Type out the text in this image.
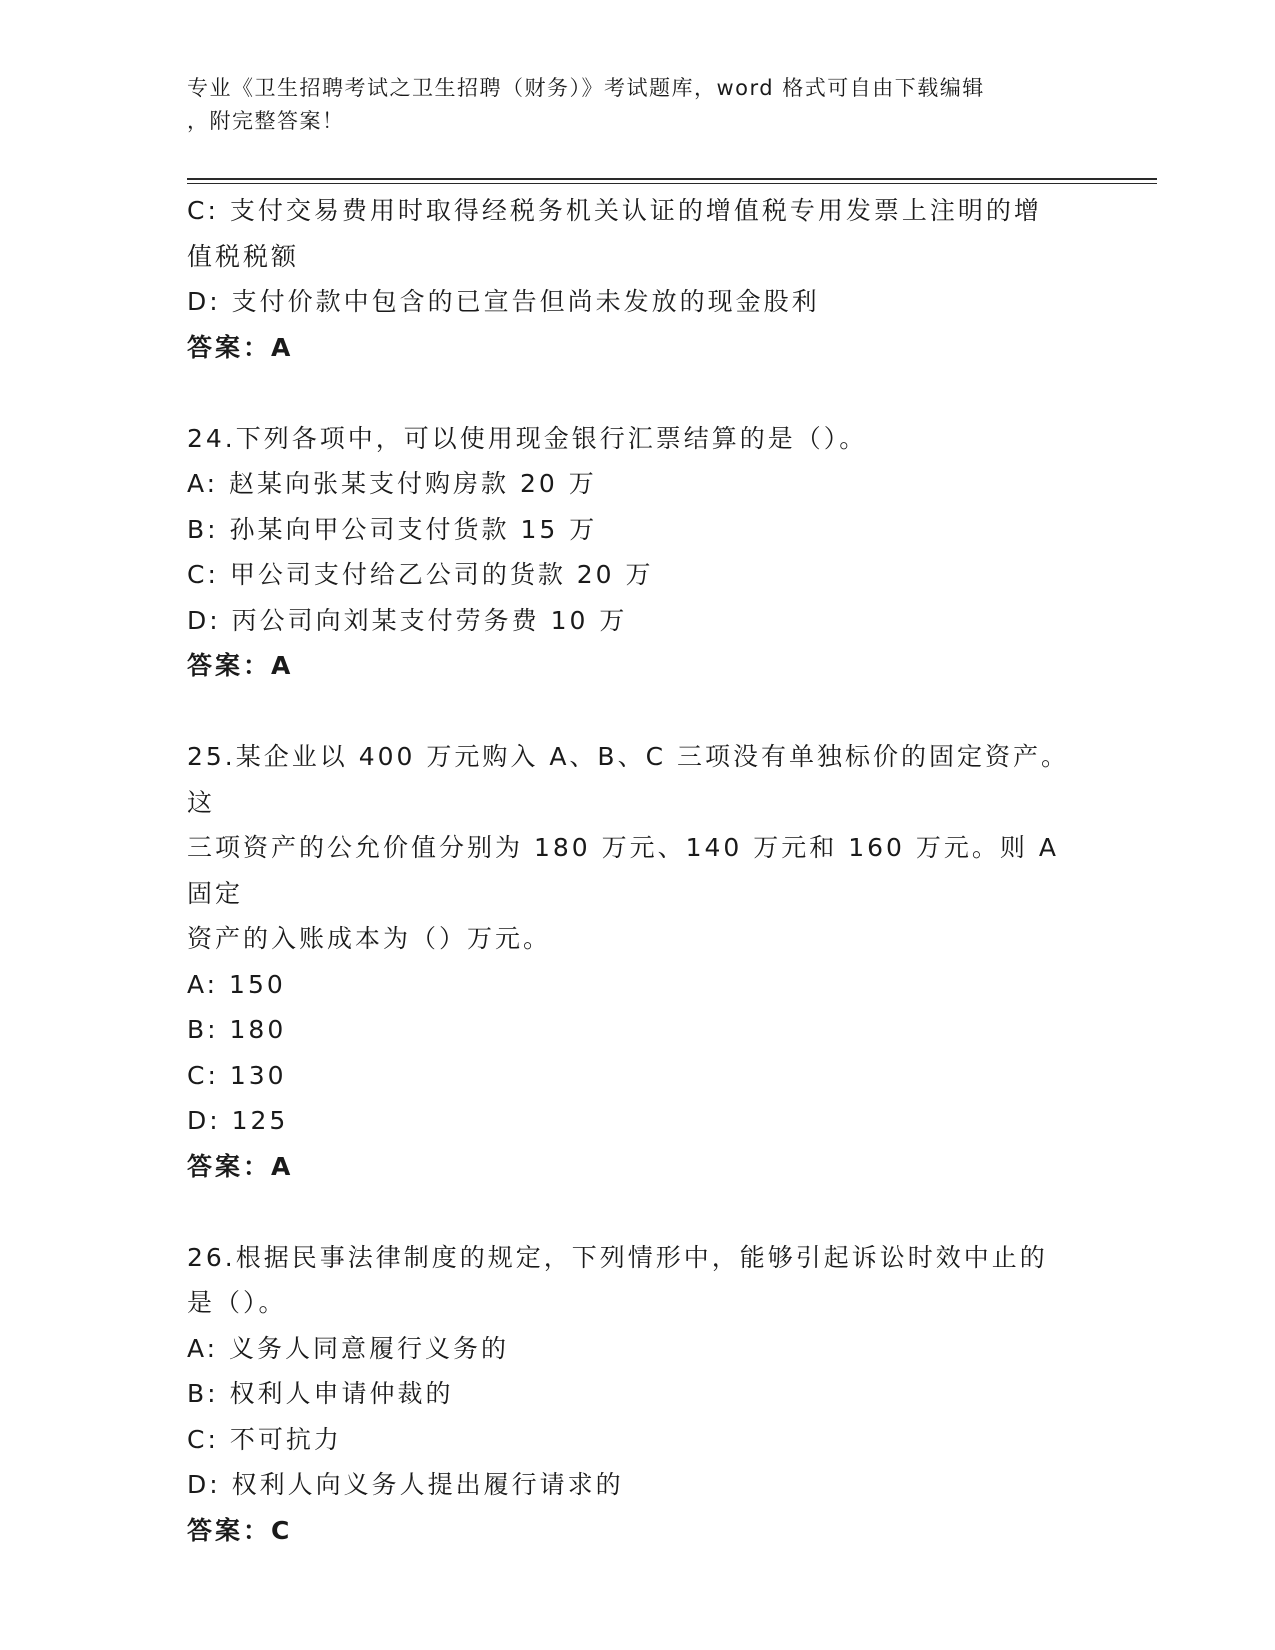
专业《卫生招聘考试之卫生招聘（财务）》考试题库，word 格式可自由下载编辑
，附完整答案！

C: 支付交易费用时取得经税务机关认证的增值税专用发票上注明的增
值税税额

D: 支付价款中包含的已宣告但尚未发放的现金股利

答案：A

24.下列各项中，可以使用现金银行汇票结算的是（）。

A: 赵某向张某支付购房款 20 万

B: 孙某向甲公司支付货款 15 万

C: 甲公司支付给乙公司的货款 20 万

D: 丙公司向刘某支付劳务费 10 万

答案：A

25.某企业以 400 万元购入 A、B、C 三项没有单独标价的固定资产。这
三项资产的公允价值分别为 180 万元、140 万元和 160 万元。则 A 固定
资产的入账成本为（）万元。

A: 150

B: 180

C: 130

D: 125

答案：A

26.根据民事法律制度的规定，下列情形中，能够引起诉讼时效中止的
是（）。

A: 义务人同意履行义务的

B: 权利人申请仲裁的

C: 不可抗力

D: 权利人向义务人提出履行请求的

答案：C
